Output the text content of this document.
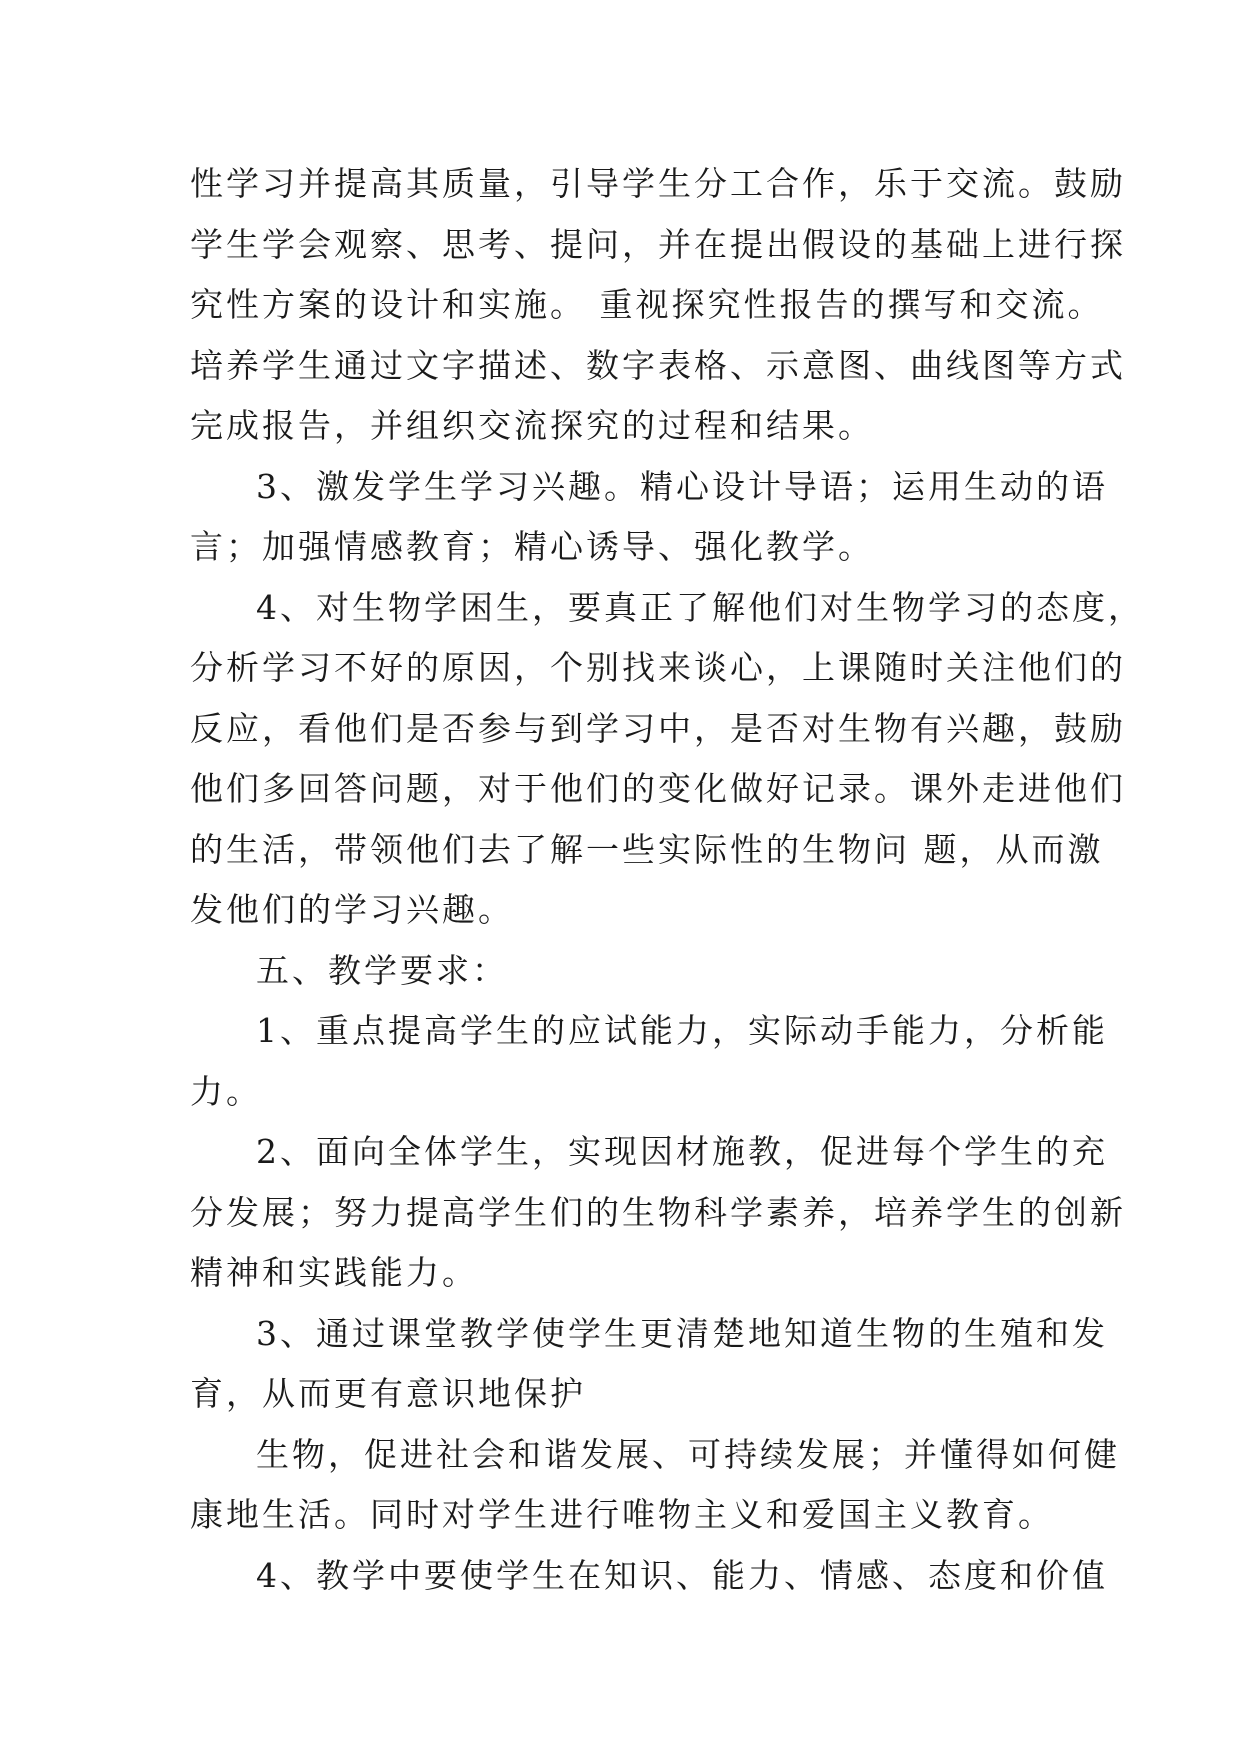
性学习并提高其质量，引导学生分工合作，乐于交流。鼓励
学生学会观察、思考、提问，并在提出假设的基础上进行探
究性方案的设计和实施。 重视探究性报告的撰写和交流。
培养学生通过文字描述、数字表格、示意图、曲线图等方式
完成报告，并组织交流探究的过程和结果。
3、激发学生学习兴趣。精心设计导语；运用生动的语
言；加强情感教育；精心诱导、强化教学。
4、对生物学困生，要真正了解他们对生物学习的态度，
分析学习不好的原因，个别找来谈心，上课随时关注他们的
反应，看他们是否参与到学习中，是否对生物有兴趣，鼓励
他们多回答问题，对于他们的变化做好记录。课外走进他们
的生活，带领他们去了解一些实际性的生物问 题，从而激
发他们的学习兴趣。
五、教学要求：
1、重点提高学生的应试能力，实际动手能力，分析能
力。
2、面向全体学生，实现因材施教，促进每个学生的充
分发展；努力提高学生们的生物科学素养，培养学生的创新
精神和实践能力。
3、通过课堂教学使学生更清楚地知道生物的生殖和发
育，从而更有意识地保护
生物，促进社会和谐发展、可持续发展；并懂得如何健
康地生活。同时对学生进行唯物主义和爱国主义教育。
4、教学中要使学生在知识、能力、情感、态度和价值
